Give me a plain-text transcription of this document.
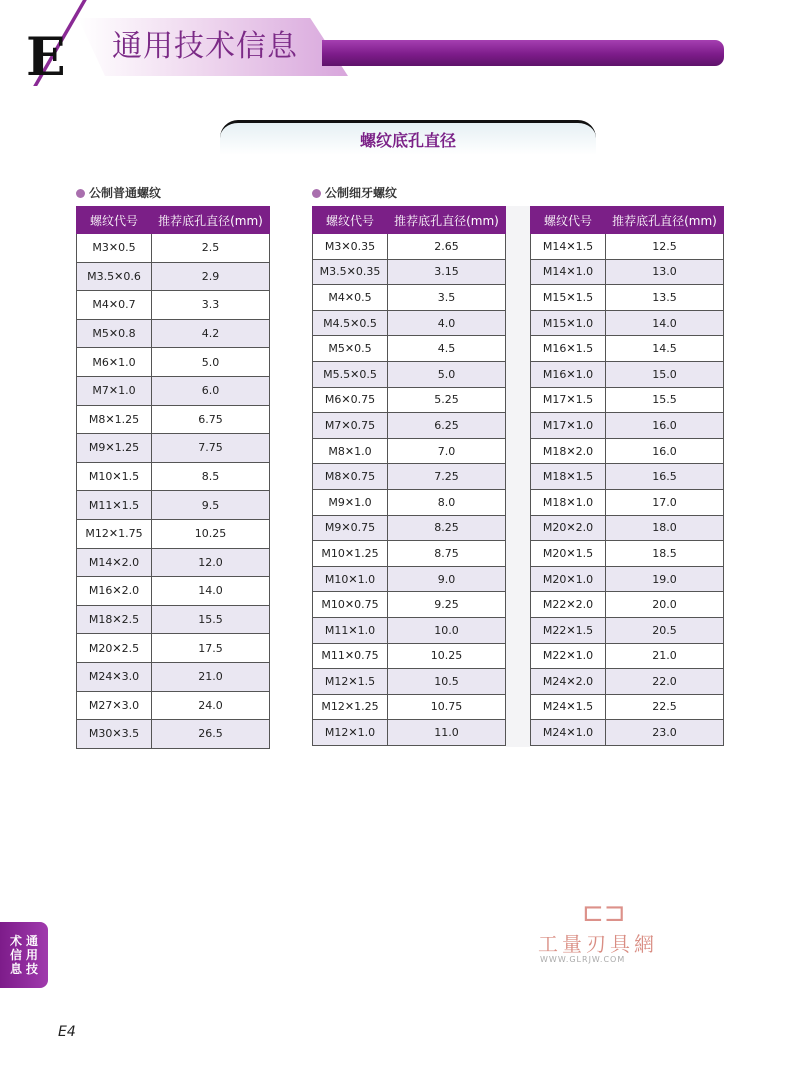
E 通用技术信息
螺纹底孔直径
公制普通螺纹	公制细牙螺纹
螺纹代号	推荐底孔直径(mm)
M3✕0.5	2.5
M3.5✕0.6	2.9
M4✕0.7	3.3
M5✕0.8	4.2
M6✕1.0	5.0
M7✕1.0	6.0
M8✕1.25	6.75
M9✕1.25	7.75
M10✕1.5	8.5
M11✕1.5	9.5
M12✕1.75	10.25
M14✕2.0	12.0
M16✕2.0	14.0
M18✕2.5	15.5
M20✕2.5	17.5
M24✕3.0	21.0
M27✕3.0	24.0
M30✕3.5	26.5
螺纹代号	推荐底孔直径(mm)
M3✕0.35	2.65
M3.5✕0.35	3.15
M4✕0.5	3.5
M4.5✕0.5	4.0
M5✕0.5	4.5
M5.5✕0.5	5.0
M6✕0.75	5.25
M7✕0.75	6.25
M8✕1.0	7.0
M8✕0.75	7.25
M9✕1.0	8.0
M9✕0.75	8.25
M10✕1.25	8.75
M10✕1.0	9.0
M10✕0.75	9.25
M11✕1.0	10.0
M11✕0.75	10.25
M12✕1.5	10.5
M12✕1.25	10.75
M12✕1.0	11.0
螺纹代号	推荐底孔直径(mm)
M14✕1.5	12.5
M14✕1.0	13.0
M15✕1.5	13.5
M15✕1.0	14.0
M16✕1.5	14.5
M16✕1.0	15.0
M17✕1.5	15.5
M17✕1.0	16.0
M18✕2.0	16.0
M18✕1.5	16.5
M18✕1.0	17.0
M20✕2.0	18.0
M20✕1.5	18.5
M20✕1.0	19.0
M22✕2.0	20.0
M22✕1.5	20.5
M22✕1.0	21.0
M24✕2.0	22.0
M24✕1.5	22.5
M24✕1.0	23.0
⊏⊐
工量刃具網
WWW.GLRJW.COM
术信息
通用技
E4
